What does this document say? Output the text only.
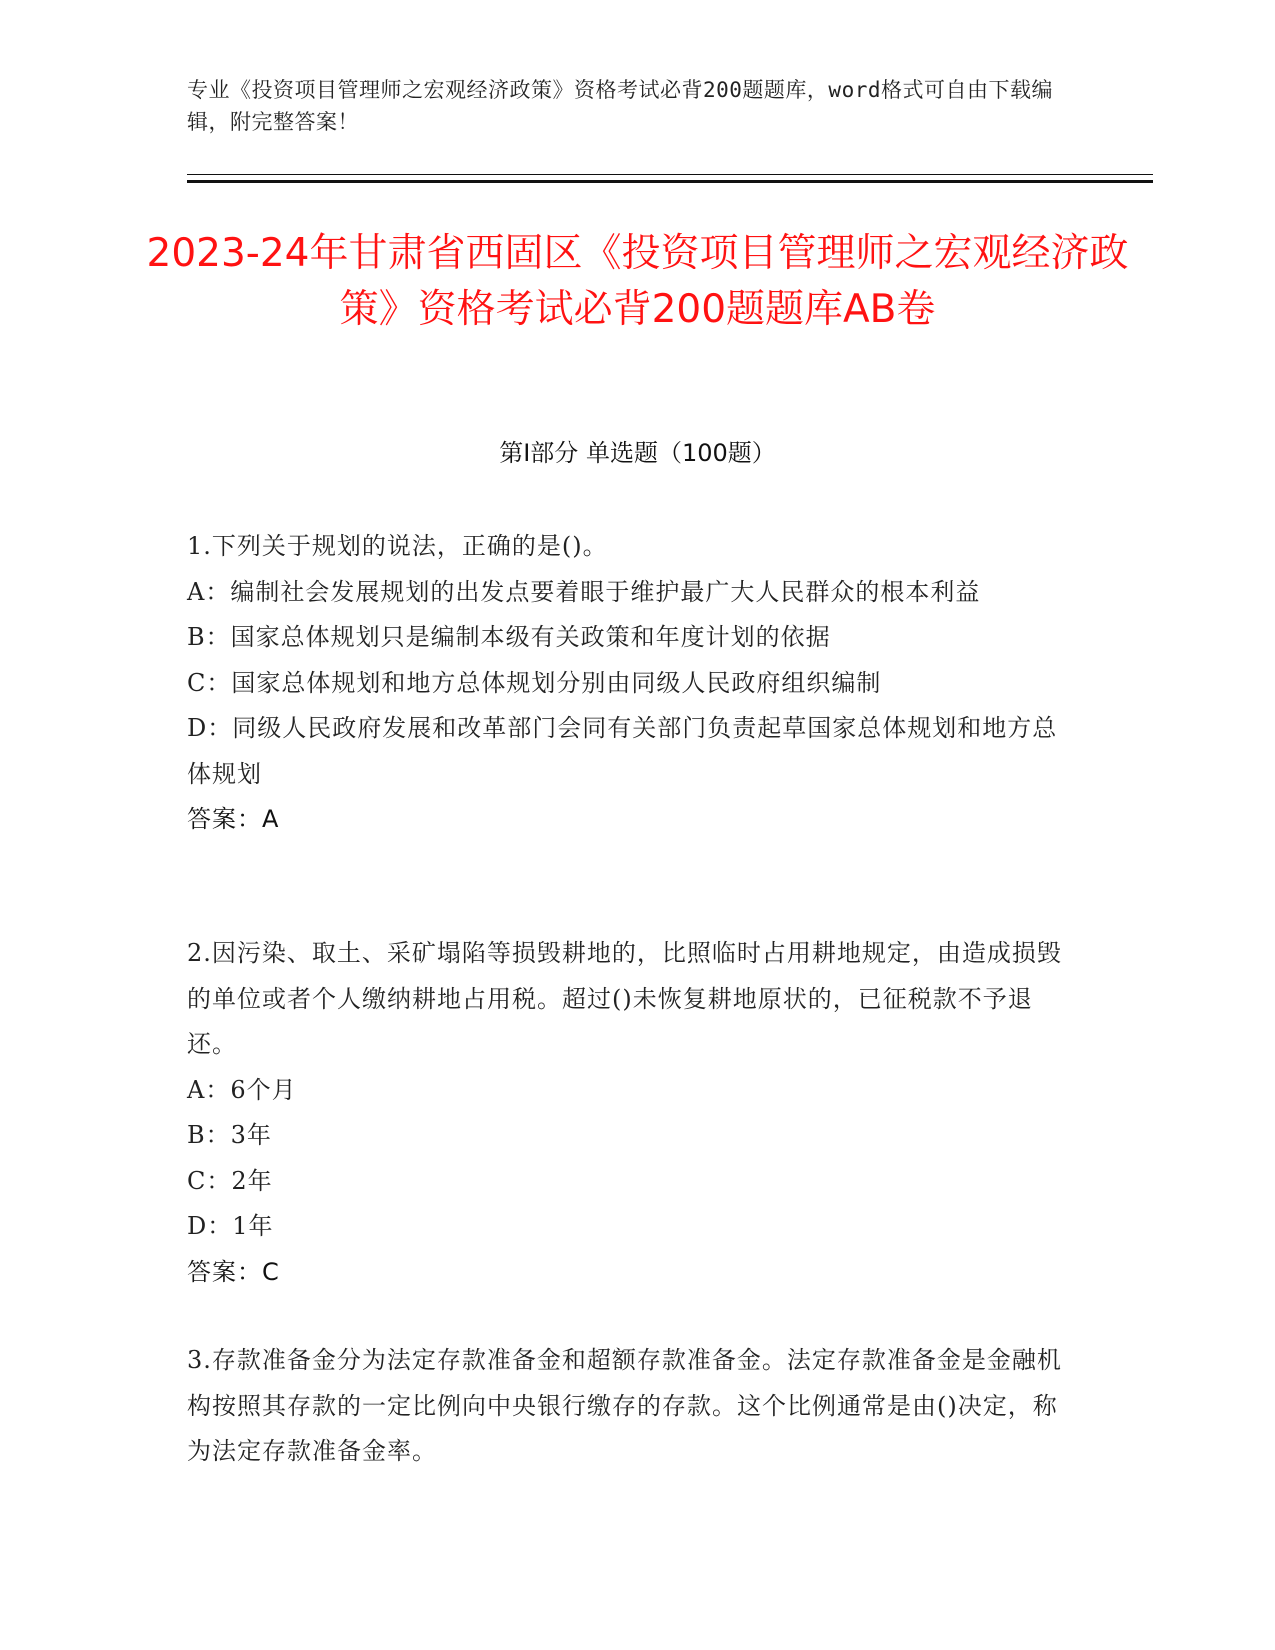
专业《投资项目管理师之宏观经济政策》资格考试必背200题题库，word格式可自由下载编辑，附完整答案！
2023-24年甘肃省西固区《投资项目管理师之宏观经济政策》资格考试必背200题题库AB卷
第I部分 单选题（100题）

1.下列关于规划的说法，正确的是()。

A：编制社会发展规划的出发点要着眼于维护最广大人民群众的根本利益

B：国家总体规划只是编制本级有关政策和年度计划的依据

C：国家总体规划和地方总体规划分别由同级人民政府组织编制

D：同级人民政府发展和改革部门会同有关部门负责起草国家总体规划和地方总体规划

答案：A

2.因污染、取土、采矿塌陷等损毁耕地的，比照临时占用耕地规定，由造成损毁的单位或者个人缴纳耕地占用税。超过()未恢复耕地原状的，已征税款不予退还。

A：6个月

B：3年

C：2年

D：1年

答案：C

3.存款准备金分为法定存款准备金和超额存款准备金。法定存款准备金是金融机构按照其存款的一定比例向中央银行缴存的存款。这个比例通常是由()决定，称为法定存款准备金率。
